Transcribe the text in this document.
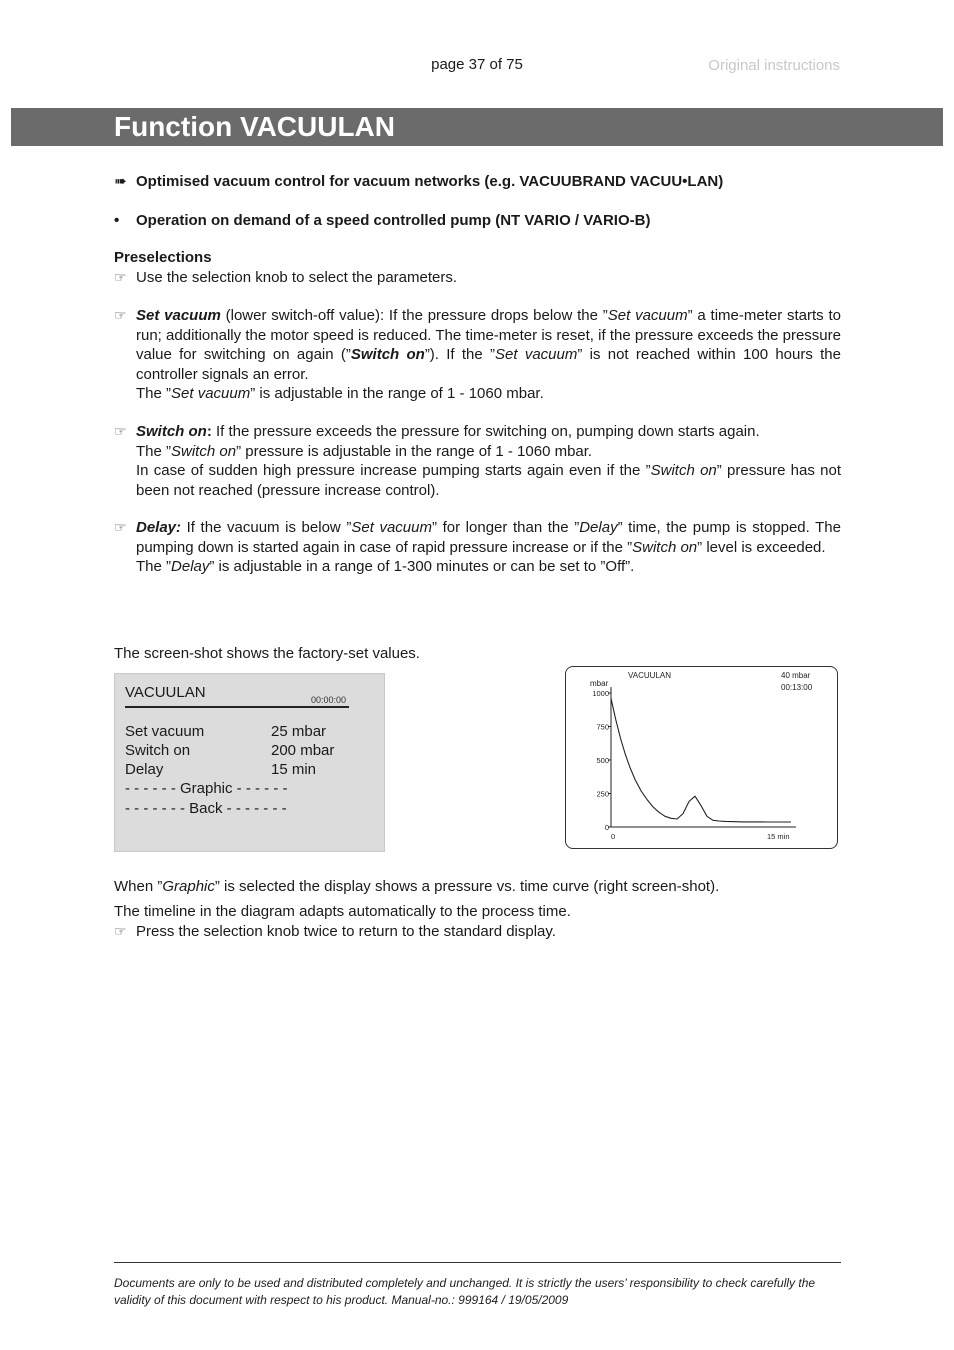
page 37 of 75	Original instructions
Function VACUULAN
➠ Optimised vacuum control for vacuum networks (e.g. VACUUBRAND VACUU•LAN)
•	Operation on demand of a speed controlled pump (NT VARIO / VARIO-B)
Preselections
☞ Use the selection knob to select the parameters.
☞ Set vacuum (lower switch-off value): If the pressure drops below the ”Set vacuum” a time-meter starts to run; additionally the motor speed is reduced. The time-meter is reset, if the pressure exceeds the pressure value for switching on again (”Switch on”). If the ”Set vacuum” is not reached within 100 hours the controller signals an error.
The ”Set vacuum” is adjustable in the range of 1 - 1060 mbar.
☞ Switch on: If the pressure exceeds the pressure for switching on, pumping down starts again.
The ”Switch on” pressure is adjustable in the range of 1 - 1060 mbar.
In case of sudden high pressure increase pumping starts again even if the ”Switch on” pressure has not been not reached (pressure increase control).
☞ Delay: If the vacuum is below ”Set vacuum” for longer than the ”Delay” time, the pump is stopped. The pumping down is started again in case of rapid pressure increase or if the ”Switch on” level is exceeded.
The ”Delay” is adjustable in a range of 1-300 minutes or can be set to ”Off”.
The screen-shot shows the factory-set values.
VACUULAN	00:00:00
Set vacuum	25 mbar
Switch on	200 mbar
Delay	15 min
- - - - - - Graphic - - - - - -
- - - - - - - Back - - - - - - -
mbar
VACUULAN	40 mbar
00:13:00
1000
750
500
250
0
0	15 min
When ”Graphic” is selected the display shows a pressure vs. time curve (right screen-shot).
The timeline in the diagram adapts automatically to the process time.
☞ Press the selection knob twice to return to the standard display.
Documents are only to be used and distributed completely and unchanged. It is strictly the users’ responsibility to check carefully the validity of this document with respect to his product. Manual-no.: 999164 / 19/05/2009
